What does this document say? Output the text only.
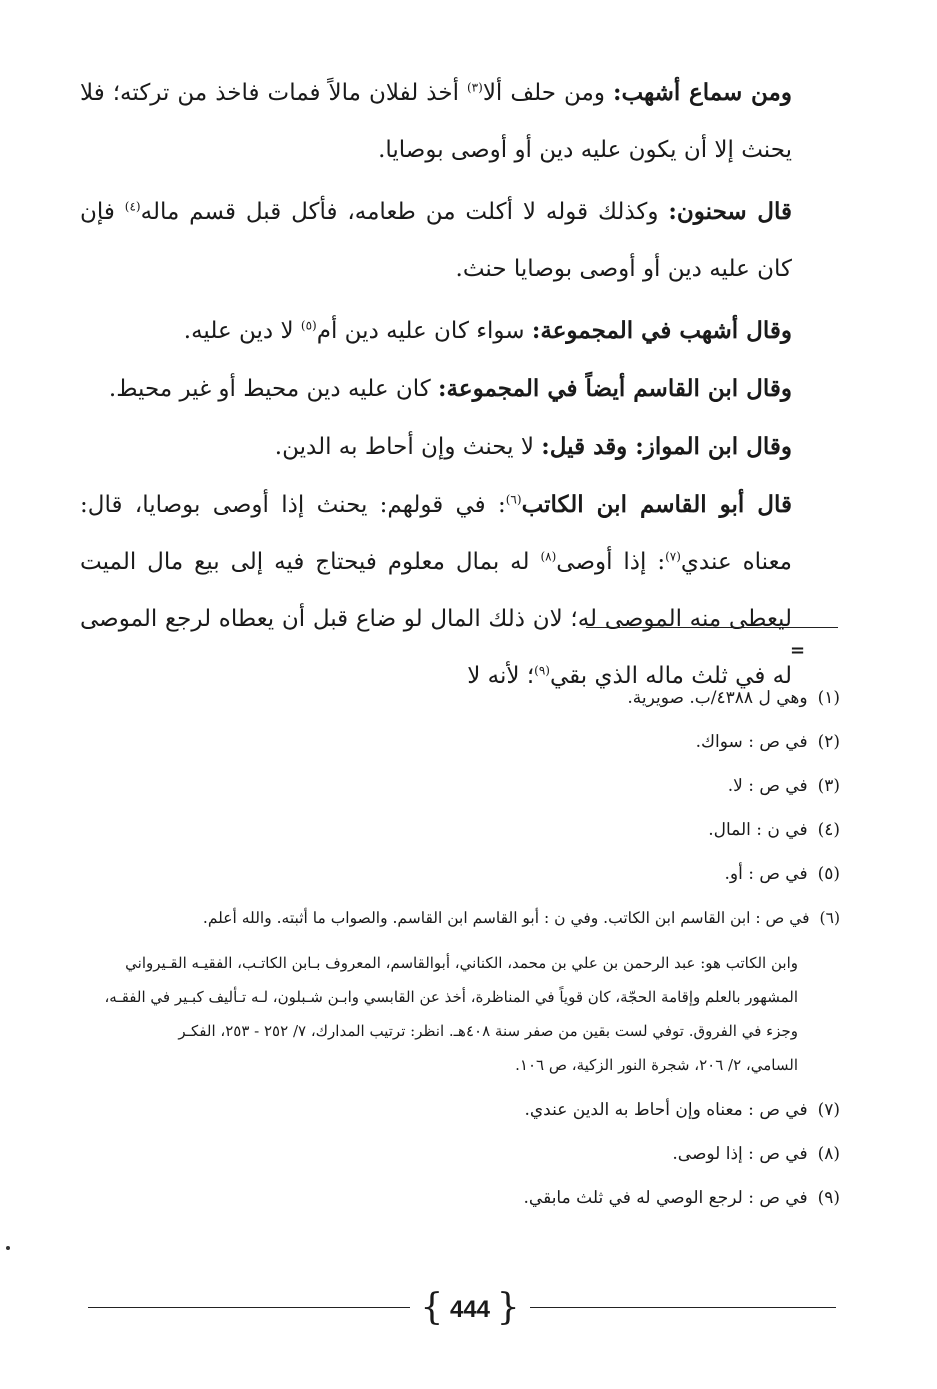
ومن سماع أشهب: ومن حلف ألا$^{(٣)}$ أخذ لفلان مالاً فمات فاخذ من تركته؛ فلا يحنث إلا أن يكون عليه دين أو أوصى بوصايا.

قال سحنون: وكذلك قوله لا أكلت من طعامه، فأكل قبل قسم ماله$^{(٤)}$ فإن كان عليه دين أو أوصى بوصايا حنث.

وقال أشهب في المجموعة: سواء كان عليه دين أم$^{(٥)}$ لا دين عليه.

وقال ابن القاسم أيضاً في المجموعة: كان عليه دين محيط أو غير محيط.

وقال ابن المواز: وقد قيل: لا يحنث وإن أحاط به الدين.

قال أبو القاسم ابن الكاتب$^{(٦)}$: في قولهم: يحنث إذا أوصى بوصايا، قال: معناه عندي$^{(٧)}$: إذا أوصى$^{(٨)}$ له بمال معلوم فيحتاج فيه إلى بيع مال الميت ليعطى منه الموصى له؛ لان ذلك المال لو ضاع قبل أن يعطاه لرجع الموصى له في ثلث ماله الذي بقي$^{(٩)}$؛ لأنه لا

=

(١)وهي ل ٤٣٨٨/ب. صويرية.

(٢)في ص : سواك.

(٣)في ص : لا.

(٤)في ن : المال.

(٥)في ص : أو.

(٦)في ص : ابن القاسم ابن الكاتب. وفي ن : أبو القاسم ابن القاسم. والصواب ما أثبته. والله أعلم.

وابن الكاتب هو: عبد الرحمن بن علي بن محمد، الكناني، أبوالقاسم، المعروف بـابن الكاتـب، الفقيـه القـيرواني

المشهور بالعلم وإقامة الحجّة، كان قوياً في المناظرة، أخذ عن القابسي وابـن شـبلون، لـه تـأليف كبـير في الفقـه،

وجزء في الفروق. توفي لست بقين من صفر سنة ٤٠٨هـ. انظر: ترتيب المدارك، ٧/ ٢٥٢ - ٢٥٣، الفكـر

السامي، ٢/ ٢٠٦، شجرة النور الزكية، ص ١٠٦.

(٧)في ص : معناه وإن أحاط به الدين عندي.

(٨)في ص : إذا لوصى.

(٩)في ص : لرجع الوصي له في ثلث مابقي.

{ 444 }
